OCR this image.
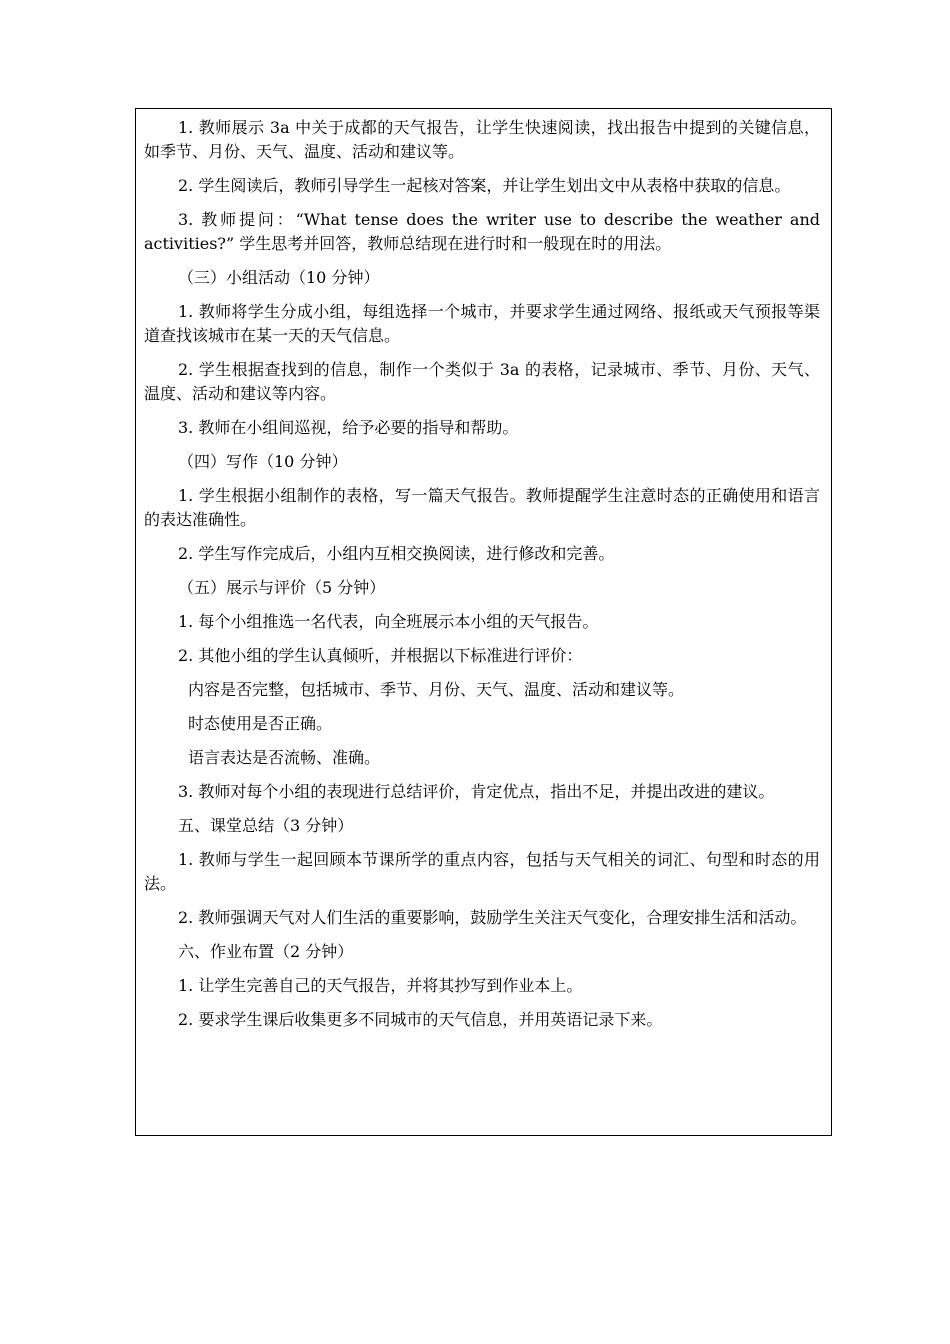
1. 教师展示 3a 中关于成都的天气报告，让学生快速阅读，找出报告中提到的关键信息，如季节、月份、天气、温度、活动和建议等。

2. 学生阅读后，教师引导学生一起核对答案，并让学生划出文中从表格中获取的信息。

3. 教师提问：“What tense does the writer use to describe the weather and activities?” 学生思考并回答，教师总结现在进行时和一般现在时的用法。

（三）小组活动（10 分钟）

1. 教师将学生分成小组，每组选择一个城市，并要求学生通过网络、报纸或天气预报等渠道查找该城市在某一天的天气信息。

2. 学生根据查找到的信息，制作一个类似于 3a 的表格，记录城市、季节、月份、天气、温度、活动和建议等内容。

3. 教师在小组间巡视，给予必要的指导和帮助。

（四）写作（10 分钟）

1. 学生根据小组制作的表格，写一篇天气报告。教师提醒学生注意时态的正确使用和语言的表达准确性。

2. 学生写作完成后，小组内互相交换阅读，进行修改和完善。

（五）展示与评价（5 分钟）

1. 每个小组推选一名代表，向全班展示本小组的天气报告。

2. 其他小组的学生认真倾听，并根据以下标准进行评价：

内容是否完整，包括城市、季节、月份、天气、温度、活动和建议等。

时态使用是否正确。

语言表达是否流畅、准确。

3. 教师对每个小组的表现进行总结评价，肯定优点，指出不足，并提出改进的建议。

五、课堂总结（3 分钟）

1. 教师与学生一起回顾本节课所学的重点内容，包括与天气相关的词汇、句型和时态的用法。

2. 教师强调天气对人们生活的重要影响，鼓励学生关注天气变化，合理安排生活和活动。

六、作业布置（2 分钟）

1. 让学生完善自己的天气报告，并将其抄写到作业本上。

2. 要求学生课后收集更多不同城市的天气信息，并用英语记录下来。
